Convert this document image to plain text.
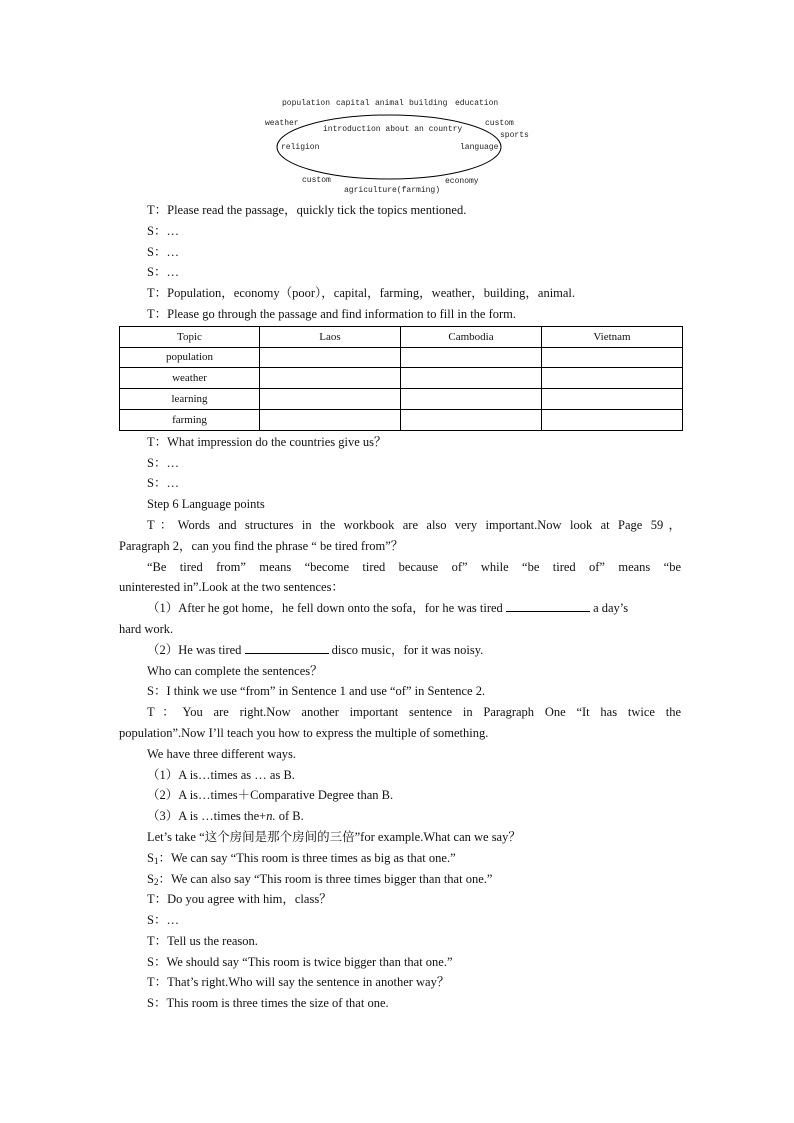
population capital animal building education
weather
introduction about an country
custom
sports
religion	language
custom	economy
agriculture(farming)
T：Please read the passage，quickly tick the topics mentioned.
S：…
S：…
S：…
T：Population，economy（poor），capital，farming，weather，building，animal.
T：Please go through the passage and find information to fill in the form.
Topic	Laos	Cambodia	Vietnam
population			
weather			
learning			
farming			
T：What impression do the countries give us？
S：…
S：…
Step 6 Language points
T：Words and structures in the workbook are also very important.Now look at Page 59，
Paragraph 2，can you find the phrase “ be tired from”？
“Be tired from” means “become tired because of” while “be tired of” means “be
uninterested in”.Look at the two sentences：
（1）After he got home，he fell down onto the sofa，for he was tired	a day’s
hard work.
（2）He was tired	disco music，for it was noisy.
Who can complete the sentences？
S：I think we use “from” in Sentence 1 and use “of” in Sentence 2.
T：You are right.Now another important sentence in Paragraph One “It has twice the
population”.Now I’ll teach you how to express the multiple of something.
We have three different ways.
（1）A is…times as … as B.
（2）A is…times＋Comparative Degree than B.
（3）A is …times the+n. of B.
Let’s take “这个房间是那个房间的三倍”for example.What can we say？
$S_1$：We can say “This room is three times as big as that one.”
$S_2$：We can also say “This room is three times bigger than that one.”
T：Do you agree with him，class？
S：…
T：Tell us the reason.
S：We should say “This room is twice bigger than that one.”
T：That’s right.Who will say the sentence in another way？
S：This room is three times the size of that one.
